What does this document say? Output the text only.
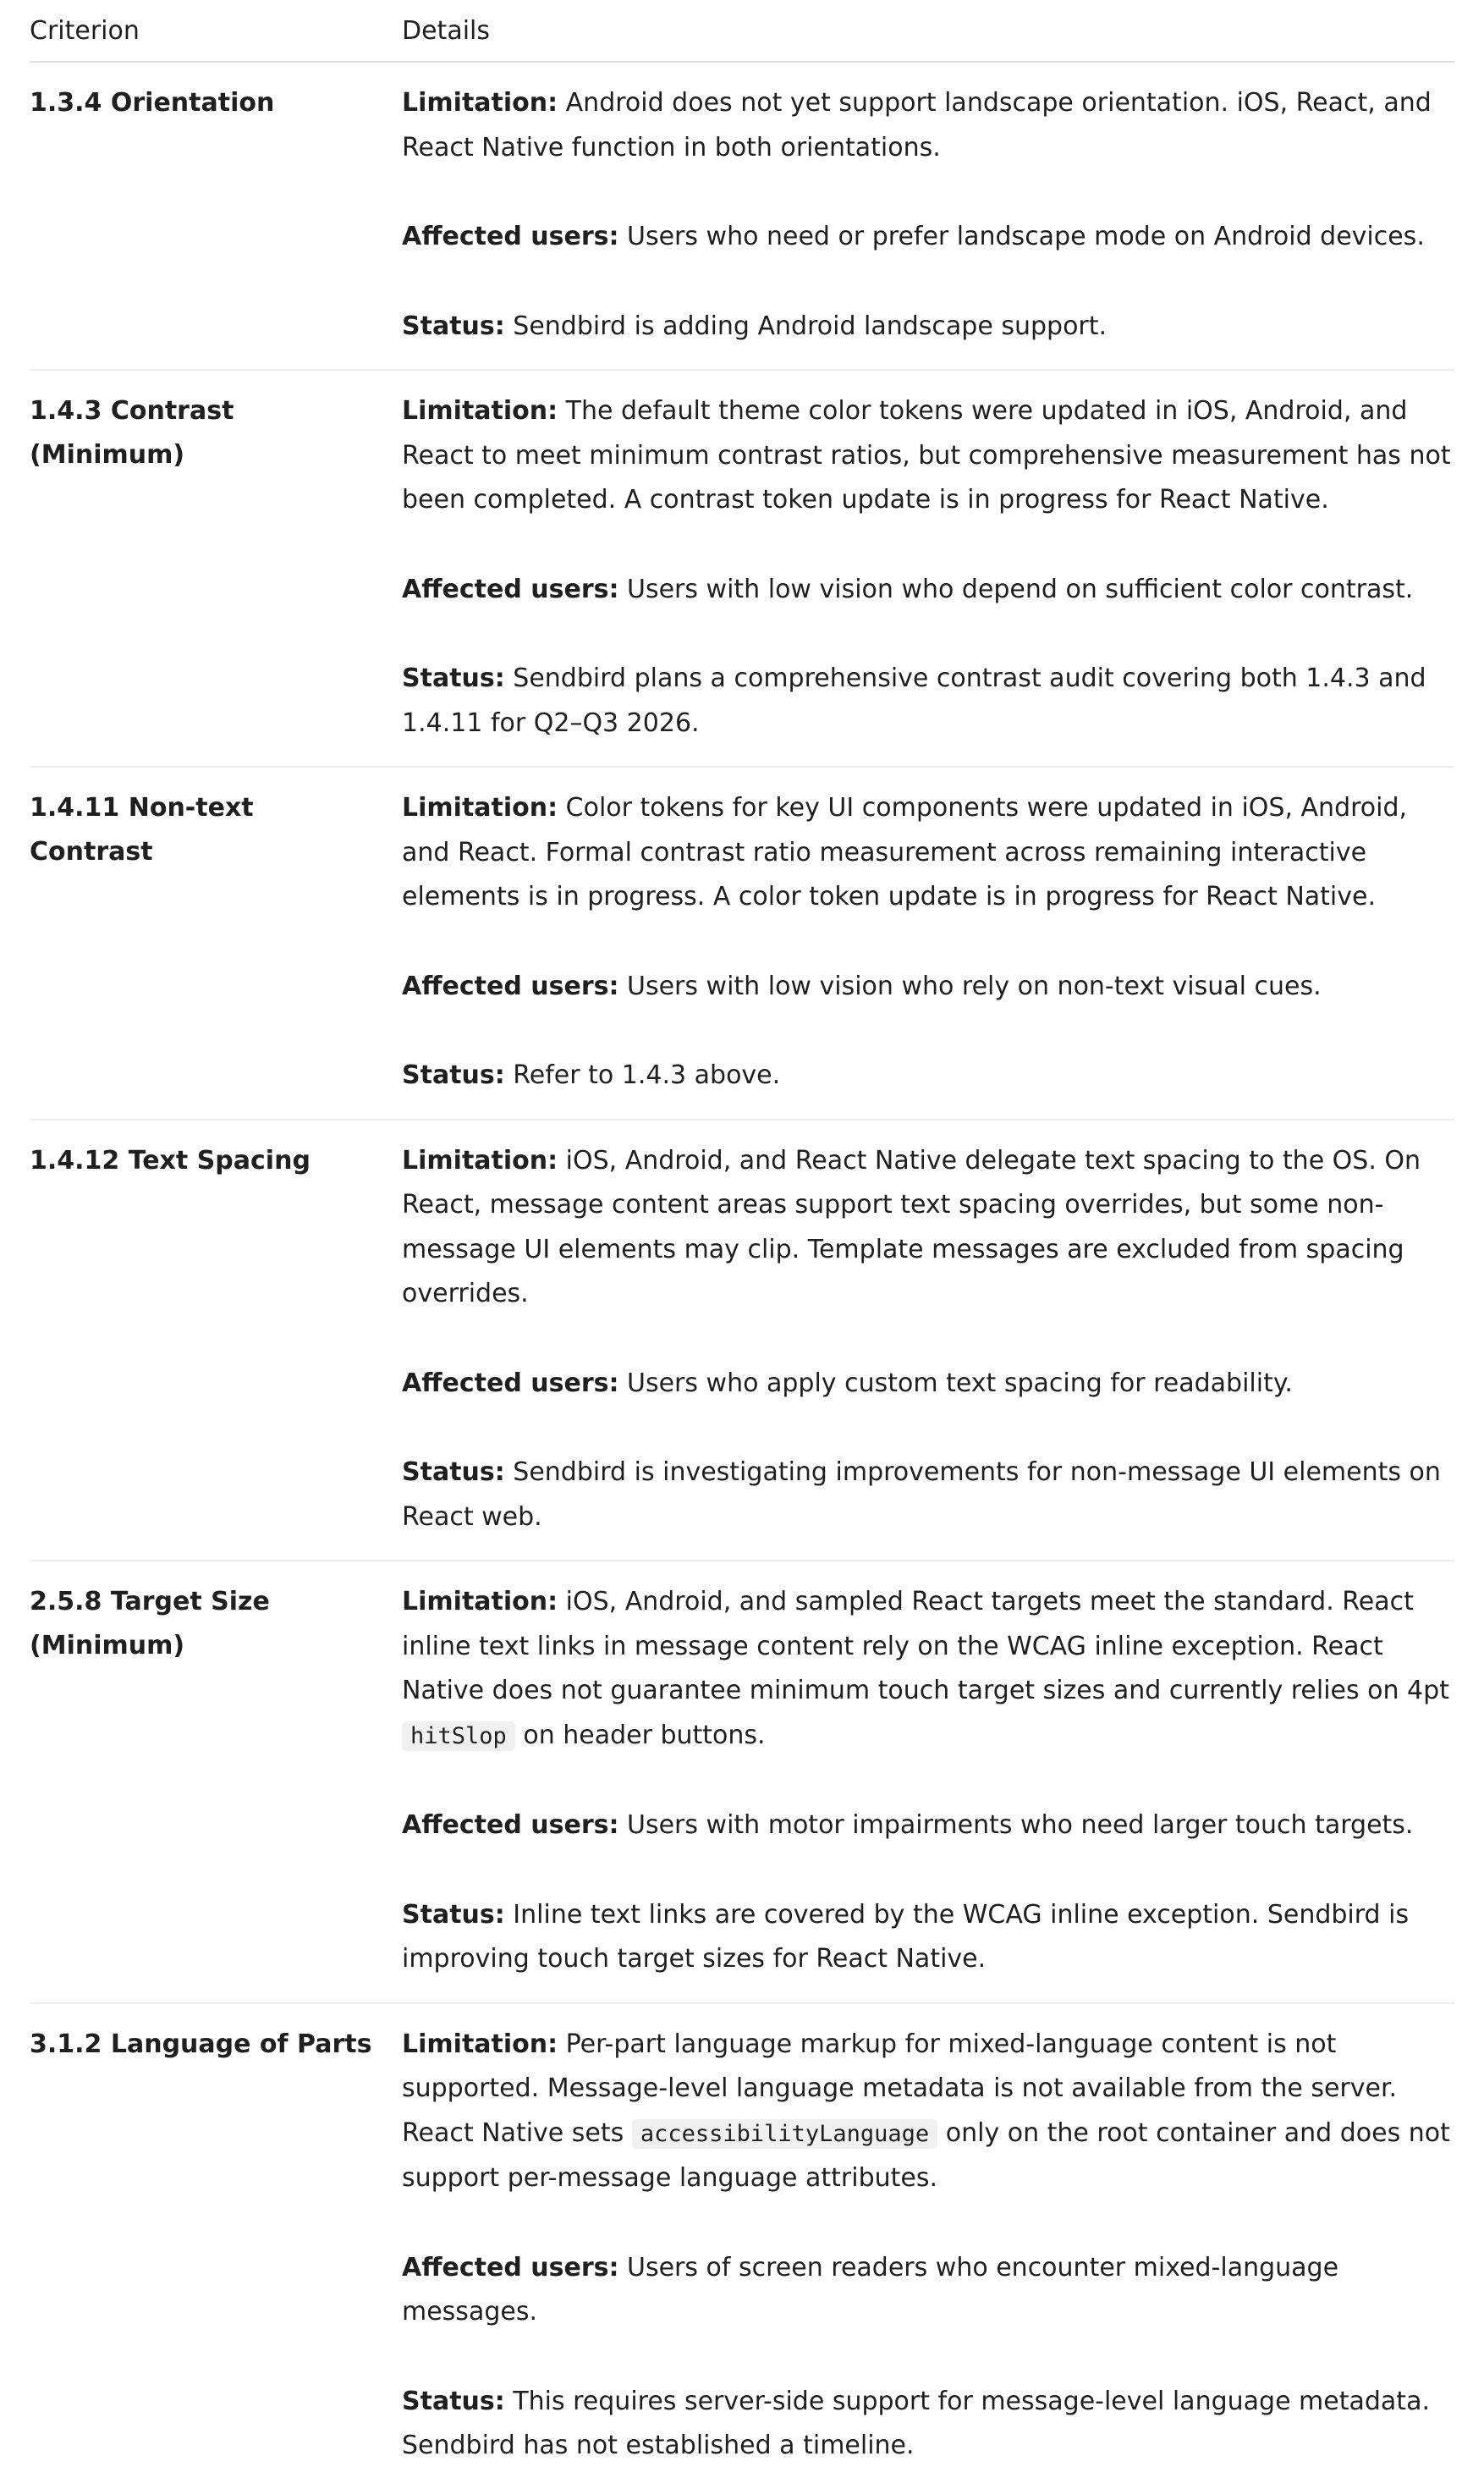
Criterion	Details
1.3.4 Orientation	Limitation: Android does not yet support landscape orientation. iOS, React, and React Native function in both orientations.

Affected users: Users who need or prefer landscape mode on Android devices.

Status: Sendbird is adding Android landscape support.

1.4.3 Contrast (Minimum)	Limitation: The default theme color tokens were updated in iOS, Android, and React to meet minimum contrast ratios, but comprehensive measurement has not been completed. A contrast token update is in progress for React Native.

Affected users: Users with low vision who depend on sufficient color contrast.

Status: Sendbird plans a comprehensive contrast audit covering both 1.4.3 and 1.4.11 for Q2–Q3 2026.

1.4.11 Non-text Contrast	Limitation: Color tokens for key UI components were updated in iOS, Android, and React. Formal contrast ratio measurement across remaining interactive elements is in progress. A color token update is in progress for React Native.

Affected users: Users with low vision who rely on non-text visual cues.

Status: Refer to 1.4.3 above.

1.4.12 Text Spacing	Limitation: iOS, Android, and React Native delegate text spacing to the OS. On React, message content areas support text spacing overrides, but some non-message UI elements may clip. Template messages are excluded from spacing overrides.

Affected users: Users who apply custom text spacing for readability.

Status: Sendbird is investigating improvements for non-message UI elements on React web.

2.5.8 Target Size (Minimum)	Limitation: iOS, Android, and sampled React targets meet the standard. React inline text links in message content rely on the WCAG inline exception. React Native does not guarantee minimum touch target sizes and currently relies on 4pt hitSlop on header buttons.

Affected users: Users with motor impairments who need larger touch targets.

Status: Inline text links are covered by the WCAG inline exception. Sendbird is improving touch target sizes for React Native.

3.1.2 Language of Parts	Limitation: Per-part language markup for mixed-language content is not supported. Message-level language metadata is not available from the server. React Native sets accessibilityLanguage only on the root container and does not support per-message language attributes.

Affected users: Users of screen readers who encounter mixed-language messages.

Status: This requires server-side support for message-level language metadata. Sendbird has not established a timeline.
